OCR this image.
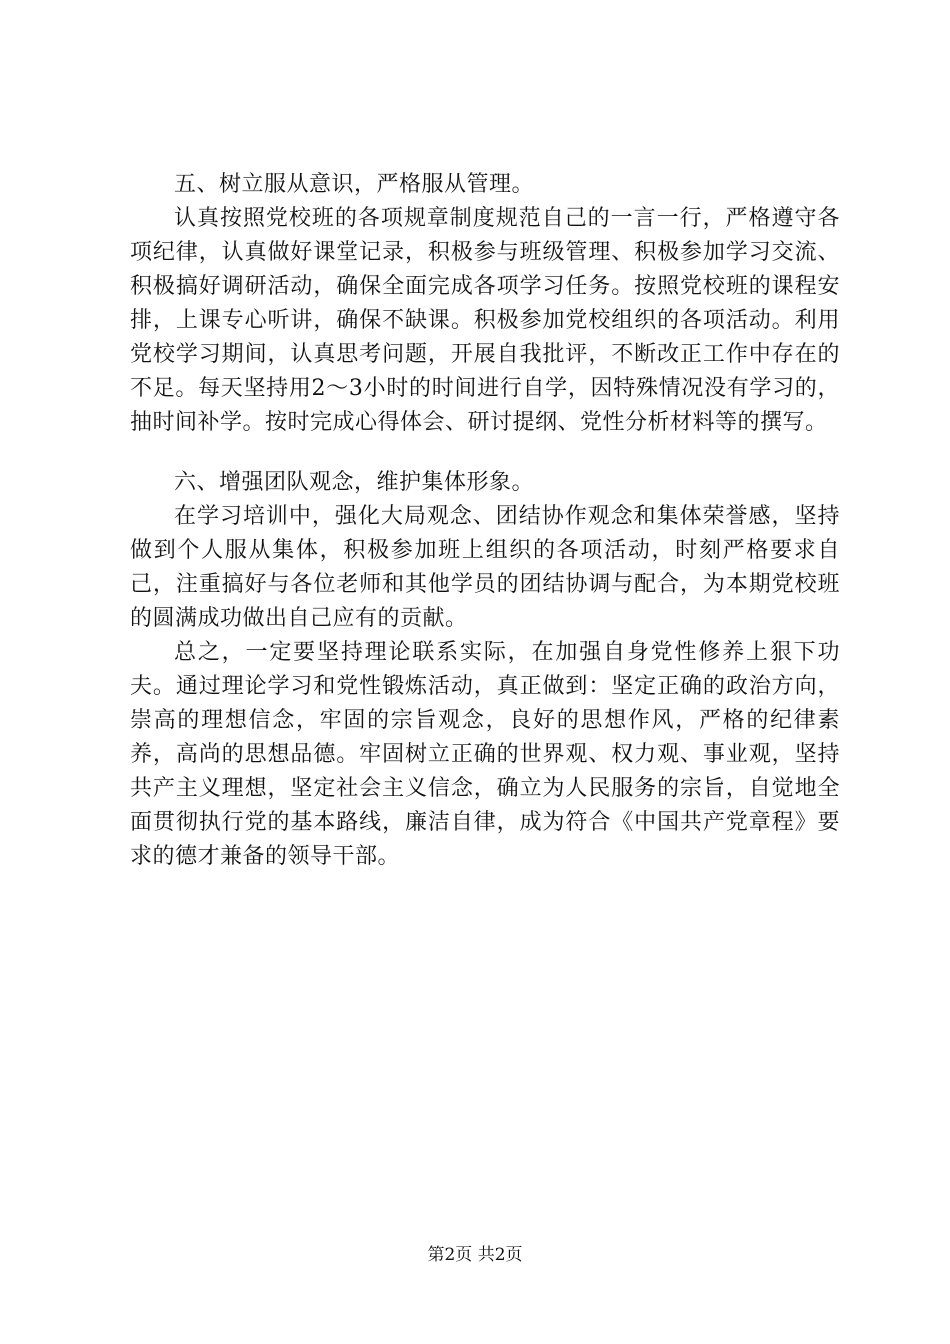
五、树立服从意识，严格服从管理。

认真按照党校班的各项规章制度规范自己的一言一行，严格遵守各项纪律，认真做好课堂记录，积极参与班级管理、积极参加学习交流、积极搞好调研活动，确保全面完成各项学习任务。按照党校班的课程安排，上课专心听讲，确保不缺课。积极参加党校组织的各项活动。利用党校学习期间，认真思考问题，开展自我批评，不断改正工作中存在的不足。每天坚持用2～3小时的时间进行自学，因特殊情况没有学习的，抽时间补学。按时完成心得体会、研讨提纲、党性分析材料等的撰写。

六、增强团队观念，维护集体形象。

在学习培训中，强化大局观念、团结协作观念和集体荣誉感，坚持做到个人服从集体，积极参加班上组织的各项活动，时刻严格要求自己，注重搞好与各位老师和其他学员的团结协调与配合，为本期党校班的圆满成功做出自己应有的贡献。

总之，一定要坚持理论联系实际，在加强自身党性修养上狠下功夫。通过理论学习和党性锻炼活动，真正做到：坚定正确的政治方向，崇高的理想信念，牢固的宗旨观念，良好的思想作风，严格的纪律素养，高尚的思想品德。牢固树立正确的世界观、权力观、事业观，坚持共产主义理想，坚定社会主义信念，确立为人民服务的宗旨，自觉地全面贯彻执行党的基本路线，廉洁自律，成为符合《中国共产党章程》要求的德才兼备的领导干部。

第2页 共2页
